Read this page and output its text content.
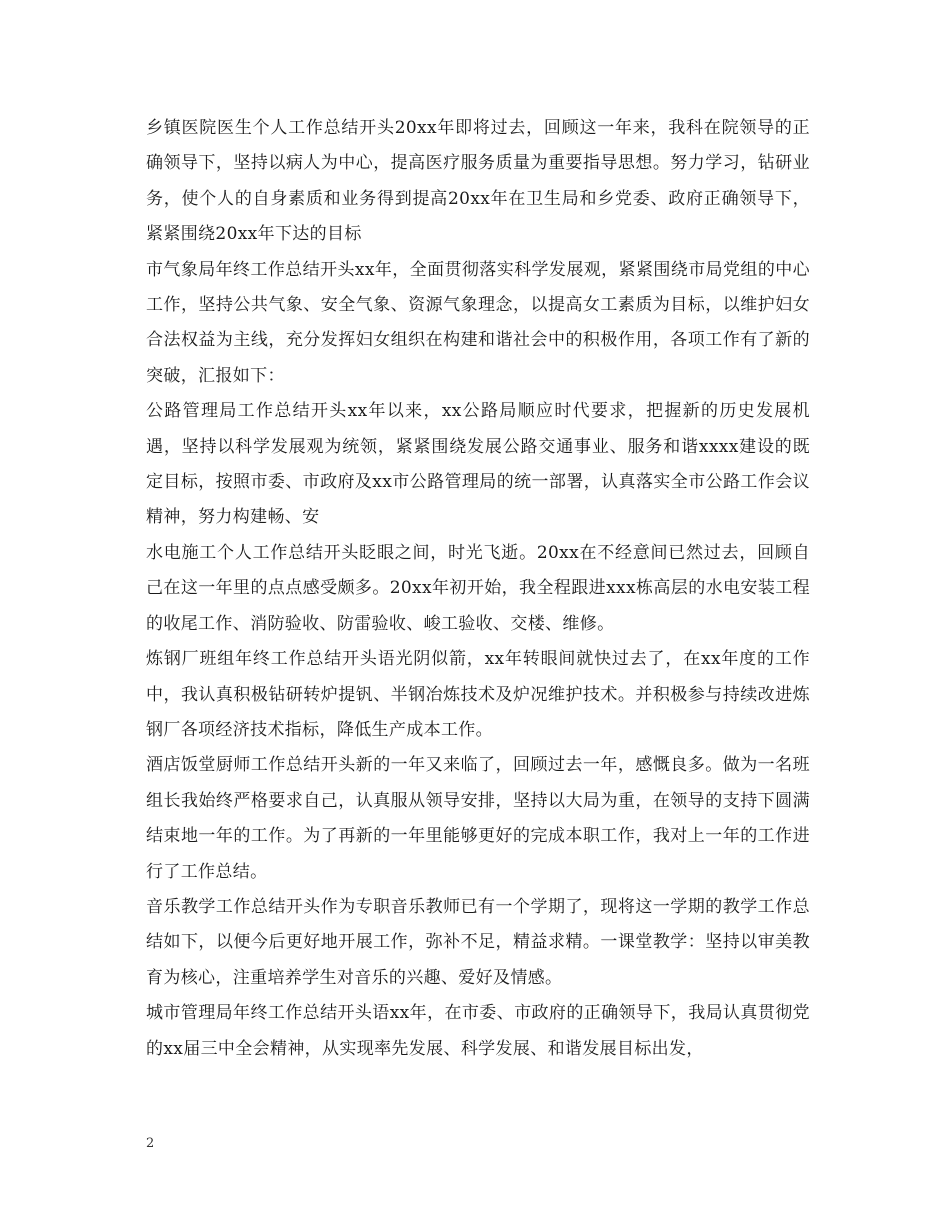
乡镇医院医生个人工作总结开头20xx年即将过去，回顾这一年来，我科在院领导的正确领导下，坚持以病人为中心，提高医疗服务质量为重要指导思想。努力学习，钻研业务，使个人的自身素质和业务得到提高20xx年在卫生局和乡党委、政府正确领导下，紧紧围绕20xx年下达的目标

市气象局年终工作总结开头xx年，全面贯彻落实科学发展观，紧紧围绕市局党组的中心工作，坚持公共气象、安全气象、资源气象理念，以提高女工素质为目标，以维护妇女合法权益为主线，充分发挥妇女组织在构建和谐社会中的积极作用，各项工作有了新的突破，汇报如下：

公路管理局工作总结开头xx年以来，xx公路局顺应时代要求，把握新的历史发展机遇，坚持以科学发展观为统领，紧紧围绕发展公路交通事业、服务和谐xxxx建设的既定目标，按照市委、市政府及xx市公路管理局的统一部署，认真落实全市公路工作会议精神，努力构建畅、安

水电施工个人工作总结开头眨眼之间，时光飞逝。20xx在不经意间已然过去，回顾自己在这一年里的点点感受颇多。20xx年初开始，我全程跟进xxx栋高层的水电安装工程的收尾工作、消防验收、防雷验收、峻工验收、交楼、维修。

炼钢厂班组年终工作总结开头语光阴似箭，xx年转眼间就快过去了，在xx年度的工作中，我认真积极钻研转炉提钒、半钢冶炼技术及炉况维护技术。并积极参与持续改进炼钢厂各项经济技术指标，降低生产成本工作。

酒店饭堂厨师工作总结开头新的一年又来临了，回顾过去一年，感慨良多。做为一名班组长我始终严格要求自己，认真服从领导安排，坚持以大局为重，在领导的支持下圆满结束地一年的工作。为了再新的一年里能够更好的完成本职工作，我对上一年的工作进行了工作总结。

音乐教学工作总结开头作为专职音乐教师已有一个学期了，现将这一学期的教学工作总结如下，以便今后更好地开展工作，弥补不足，精益求精。一课堂教学：坚持以审美教育为核心，注重培养学生对音乐的兴趣、爱好及情感。

城市管理局年终工作总结开头语xx年，在市委、市政府的正确领导下，我局认真贯彻党的xx届三中全会精神，从实现率先发展、科学发展、和谐发展目标出发，

2
